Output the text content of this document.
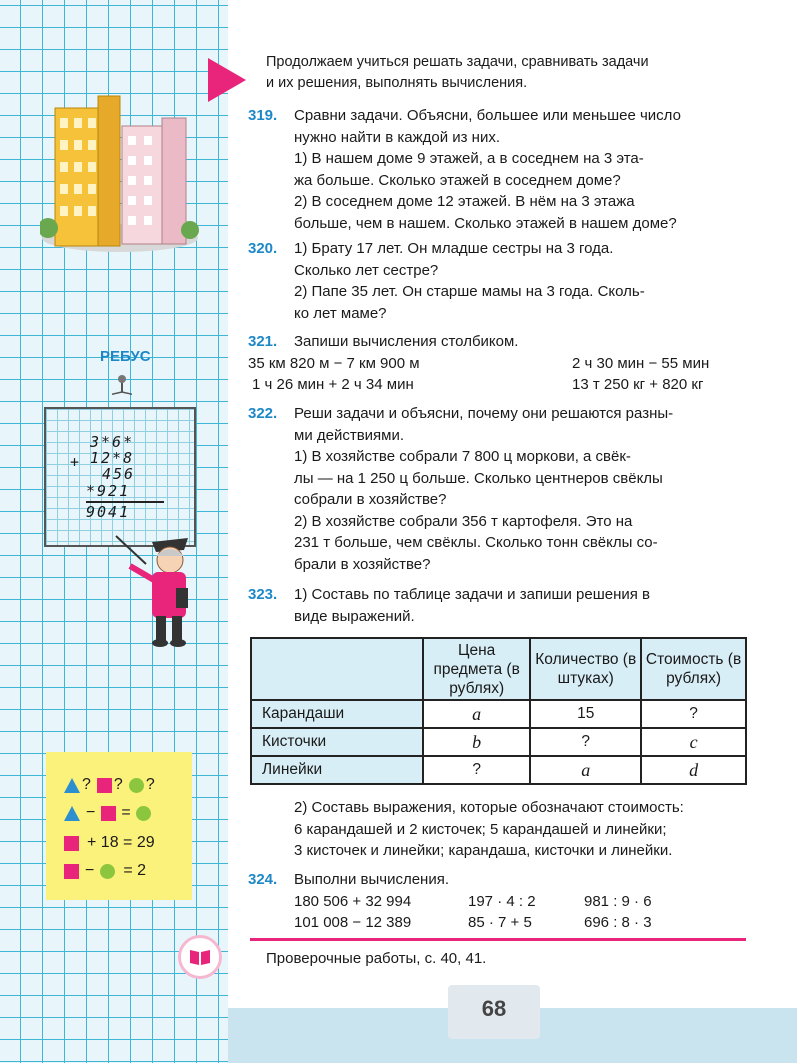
РЕБУС
3*6*
+ 12*8
456
*921
9041
? ? ?
− =
+ 18 = 29
− = 2
Продолжаем учиться решать задачи, сравнивать задачи
и их решения, выполнять вычисления.
319. Сравни задачи. Объясни, большее или меньшее число
нужно найти в каждой из них.
1) В нашем доме 9 этажей, а в соседнем на 3 эта-
жа больше. Сколько этажей в соседнем доме?
2) В соседнем доме 12 этажей. В нём на 3 этажа
больше, чем в нашем. Сколько этажей в нашем доме?
320. 1) Брату 17 лет. Он младше сестры на 3 года.
Сколько лет сестре?
2) Папе 35 лет. Он старше мамы на 3 года. Сколь-
ко лет маме?
321. Запиши вычисления столбиком.
35 км 820 м − 7 км 900 м	2 ч 30 мин − 55 мин
1 ч 26 мин + 2 ч 34 мин	13 т 250 кг + 820 кг
322. Реши задачи и объясни, почему они решаются разны-
ми действиями.
1) В хозяйстве собрали 7 800 ц моркови, а свёк-
лы — на 1 250 ц больше. Сколько центнеров свёклы
собрали в хозяйстве?
2) В хозяйстве собрали 356 т картофеля. Это на
231 т больше, чем свёклы. Сколько тонн свёклы со-
брали в хозяйстве?
323. 1) Составь по таблице задачи и запиши решения в
виде выражений.
	Цена предмета (в рублях)	Количество (в штуках)	Стоимость (в рублях)
Карандаши	a	15	?
Кисточки	b	?	c
Линейки	?	a	d
2) Составь выражения, которые обозначают стоимость:
6 карандашей и 2 кисточек; 5 карандашей и линейки;
3 кисточек и линейки; карандаша, кисточки и линейки.
324. Выполни вычисления.
180 506 + 32 994	197 · 4 : 2	981 : 9 · 6
101 008 − 12 389	85 · 7 + 5	696 : 8 · 3
Проверочные работы, с. 40, 41.
68
